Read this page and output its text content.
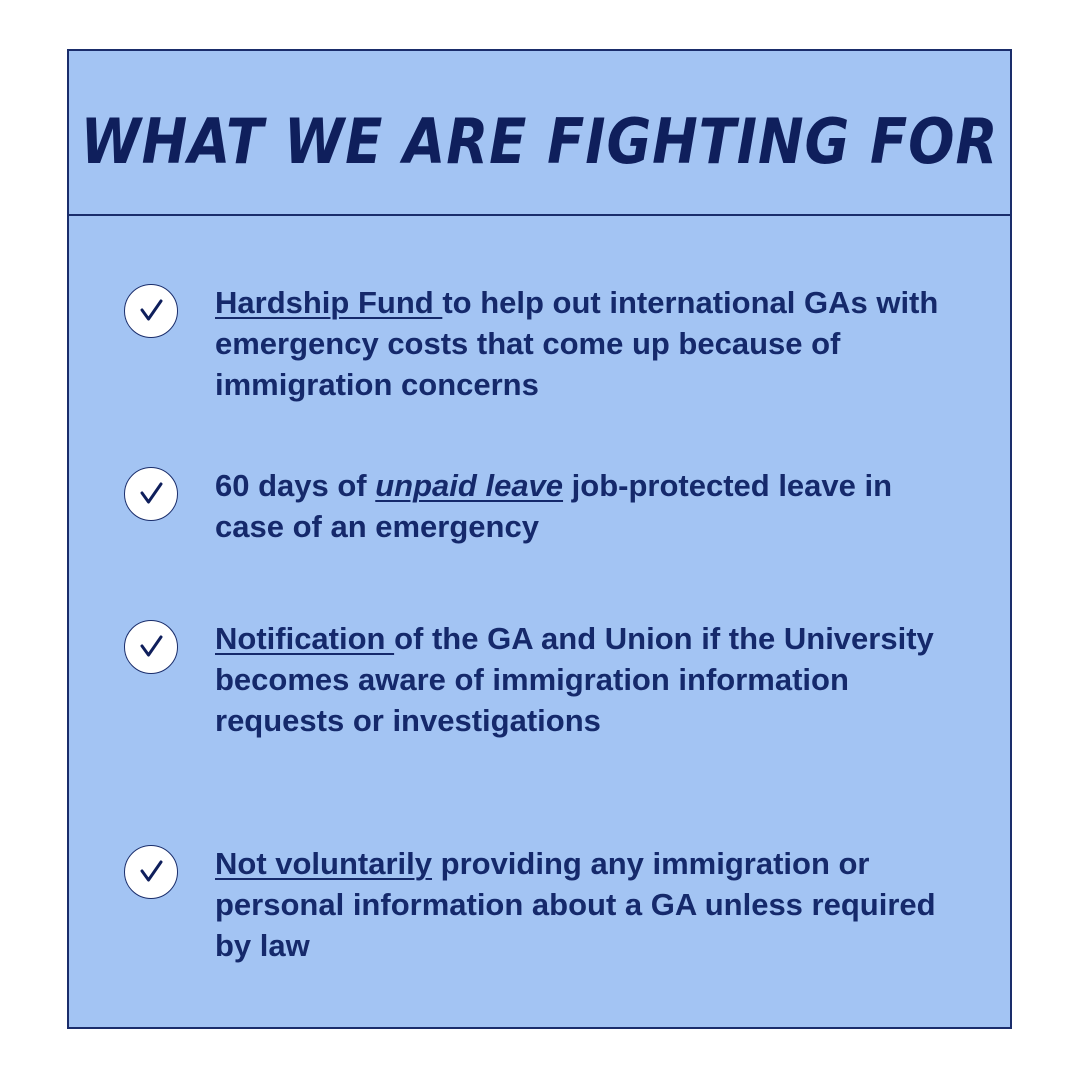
WHAT WE ARE FIGHTING FOR
Hardship Fund to help out international GAs with emergency costs that come up because of immigration concerns
60 days of unpaid leave job-protected leave in case of an emergency
Notification of the GA and Union if the University becomes aware of immigration information requests or investigations
Not voluntarily providing any immigration or personal information about a GA unless required by law
